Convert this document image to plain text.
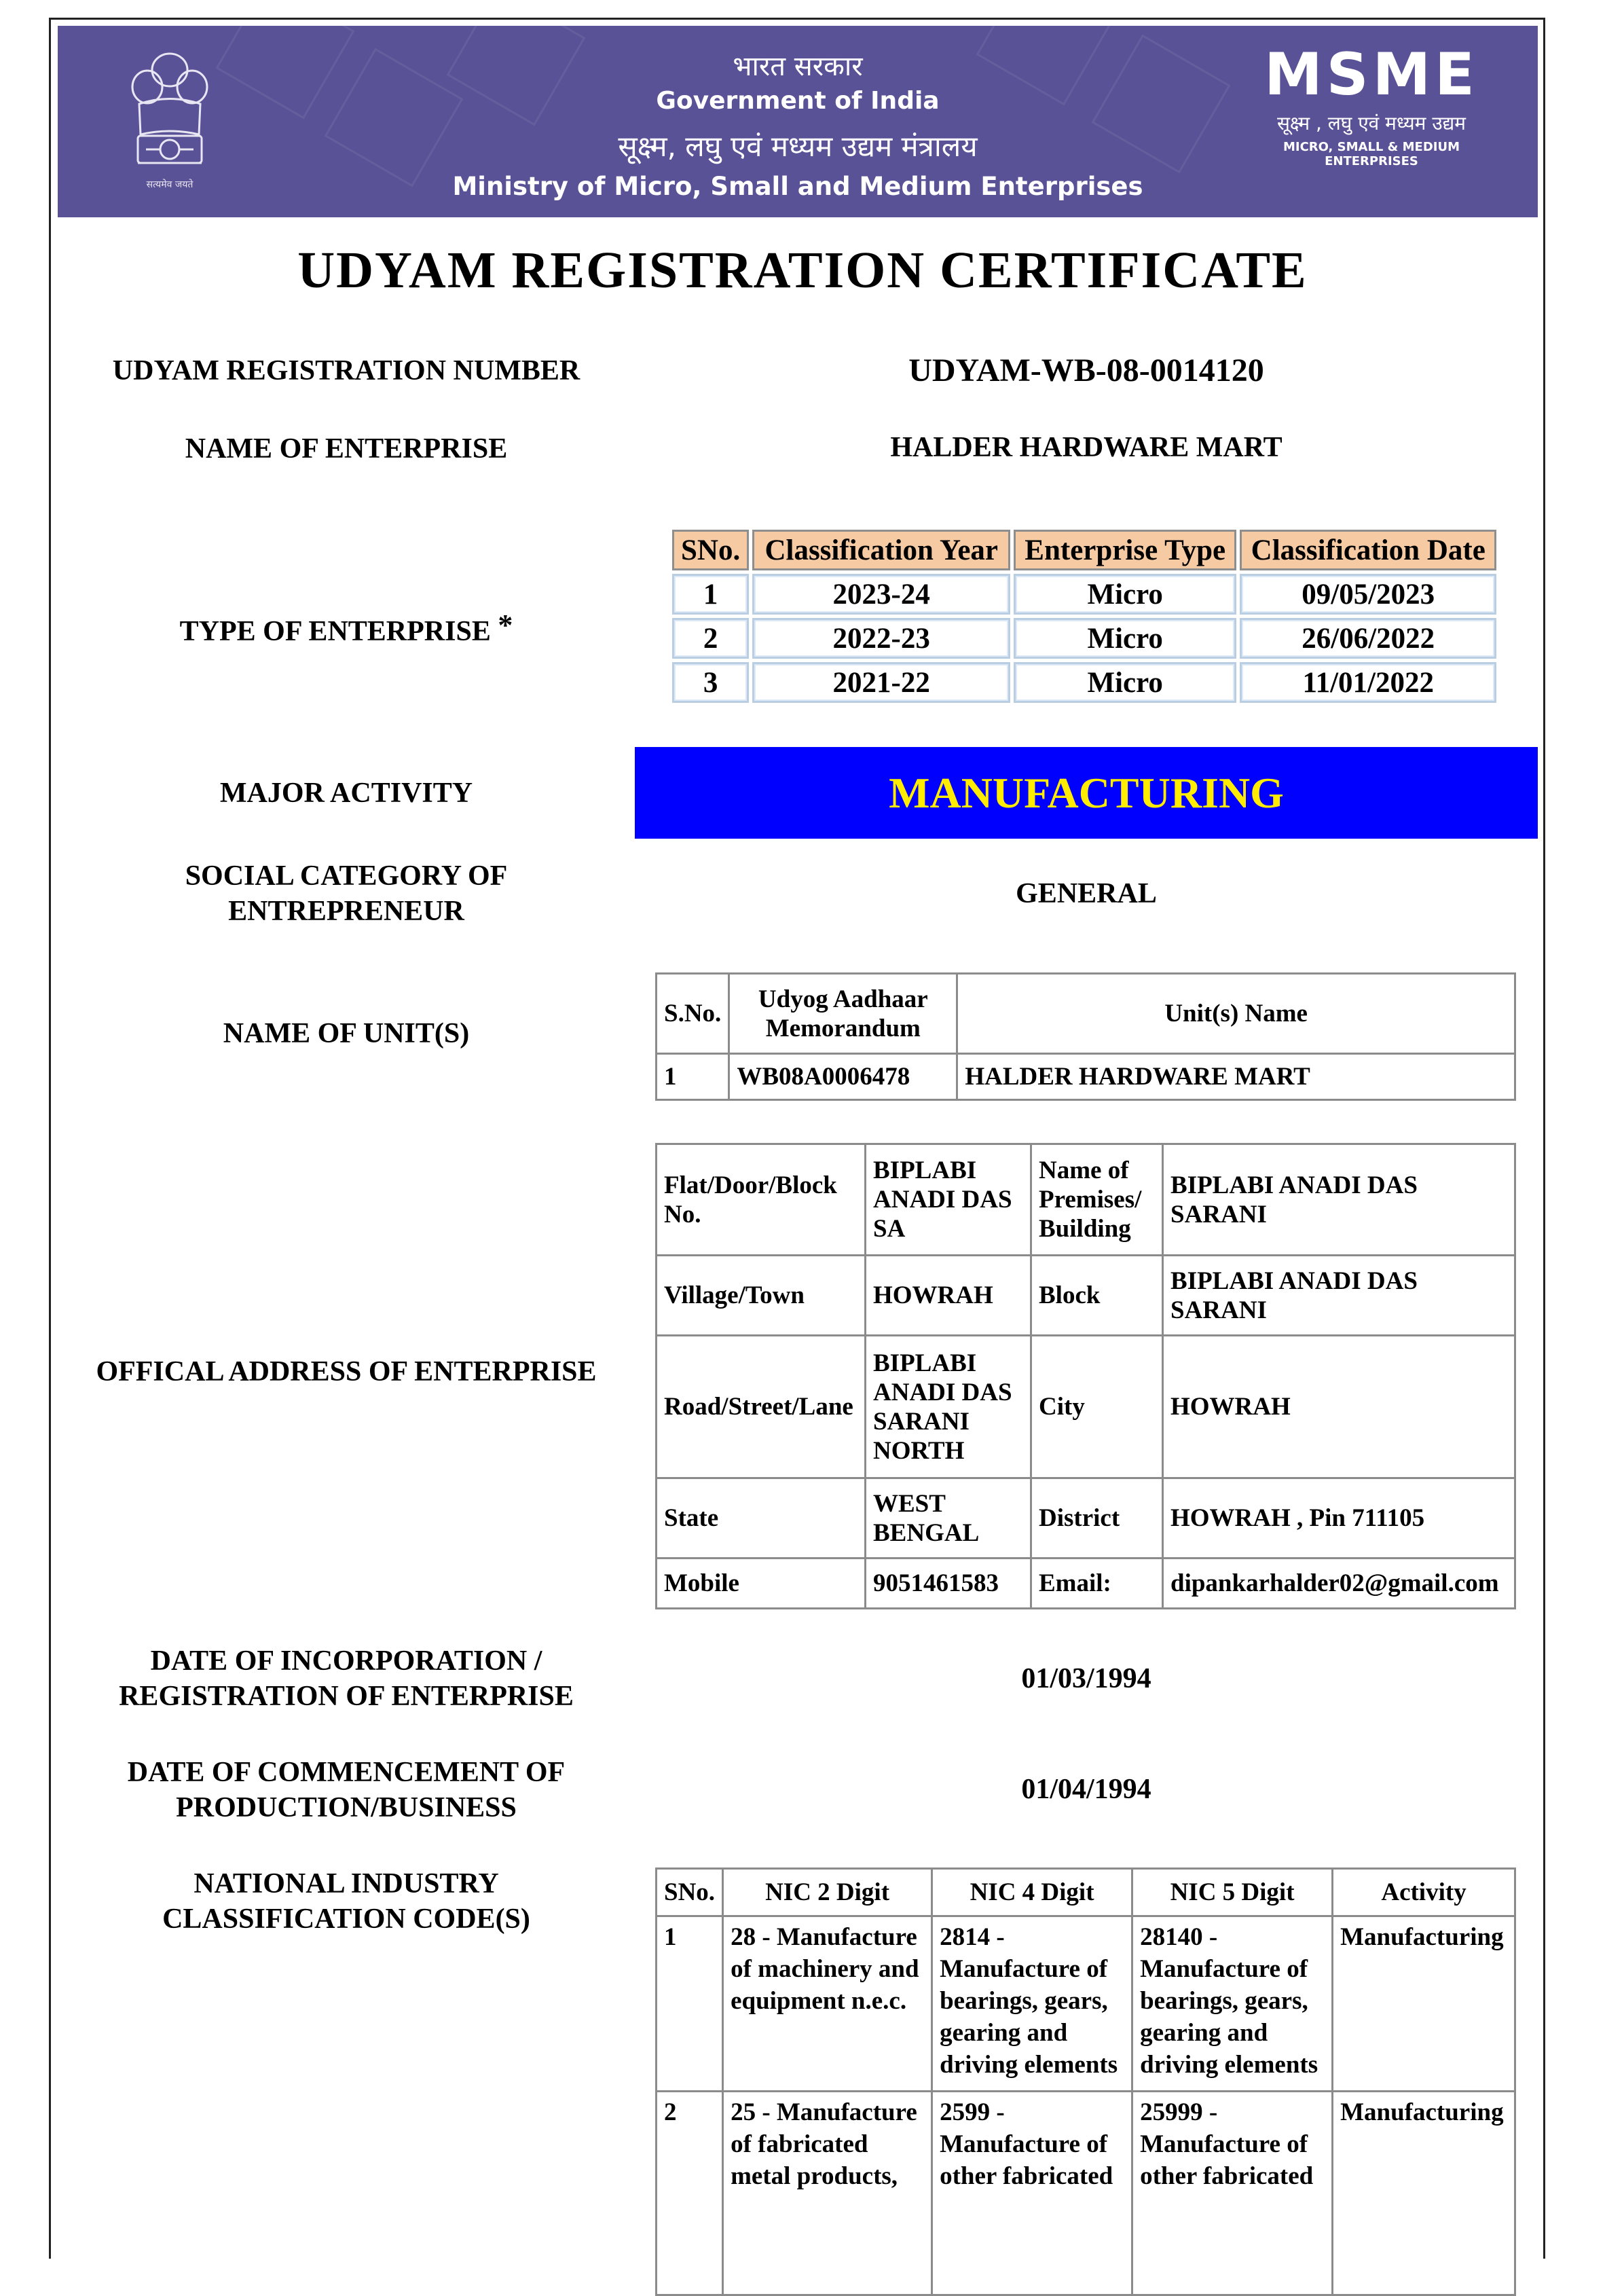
सत्यमेव जयते
भारत सरकार
Government of India
सूक्ष्म, लघु एवं मध्यम उद्यम मंत्रालय
Ministry of Micro, Small and Medium Enterprises
MSME
सूक्ष्म , लघु एवं मध्यम उद्यम
MICRO, SMALL & MEDIUM ENTERPRISES
UDYAM REGISTRATION CERTIFICATE
UDYAM REGISTRATION NUMBER	UDYAM-WB-08-0014120
NAME OF ENTERPRISE	HALDER HARDWARE MART
TYPE OF ENTERPRISE *
SNo.	Classification Year	Enterprise Type	Classification Date
1	2023-24	Micro	09/05/2023
2	2022-23	Micro	26/06/2022
3	2021-22	Micro	11/01/2022
MAJOR ACTIVITY	MANUFACTURING
SOCIAL CATEGORY OF
ENTREPRENEUR
GENERAL
NAME OF UNIT(S)
S.No.	Udyog Aadhaar Memorandum	Unit(s) Name
1	WB08A0006478	HALDER HARDWARE MART
OFFICAL ADDRESS OF ENTERPRISE
Flat/Door/Block No.	BIPLABI ANADI DAS SA	Name of Premises/ Building	BIPLABI ANADI DAS SARANI
Village/Town	HOWRAH	Block	BIPLABI ANADI DAS SARANI
Road/Street/Lane	BIPLABI ANADI DAS SARANI NORTH	City	HOWRAH
State	WEST BENGAL	District	HOWRAH , Pin 711105
Mobile	9051461583	Email:	dipankarhalder02@gmail.com
DATE OF INCORPORATION /
REGISTRATION OF ENTERPRISE
01/03/1994
DATE OF COMMENCEMENT OF
PRODUCTION/BUSINESS
01/04/1994
NATIONAL INDUSTRY
CLASSIFICATION CODE(S)
SNo.	NIC 2 Digit	NIC 4 Digit	NIC 5 Digit	Activity
1	28 - Manufacture of machinery and equipment n.e.c.	2814 - Manufacture of bearings, gears, gearing and driving elements	28140 - Manufacture of bearings, gears, gearing and driving elements	Manufacturing
2	25 - Manufacture of fabricated metal products,	2599 - Manufacture of other fabricated	25999 - Manufacture of other fabricated	Manufacturing
